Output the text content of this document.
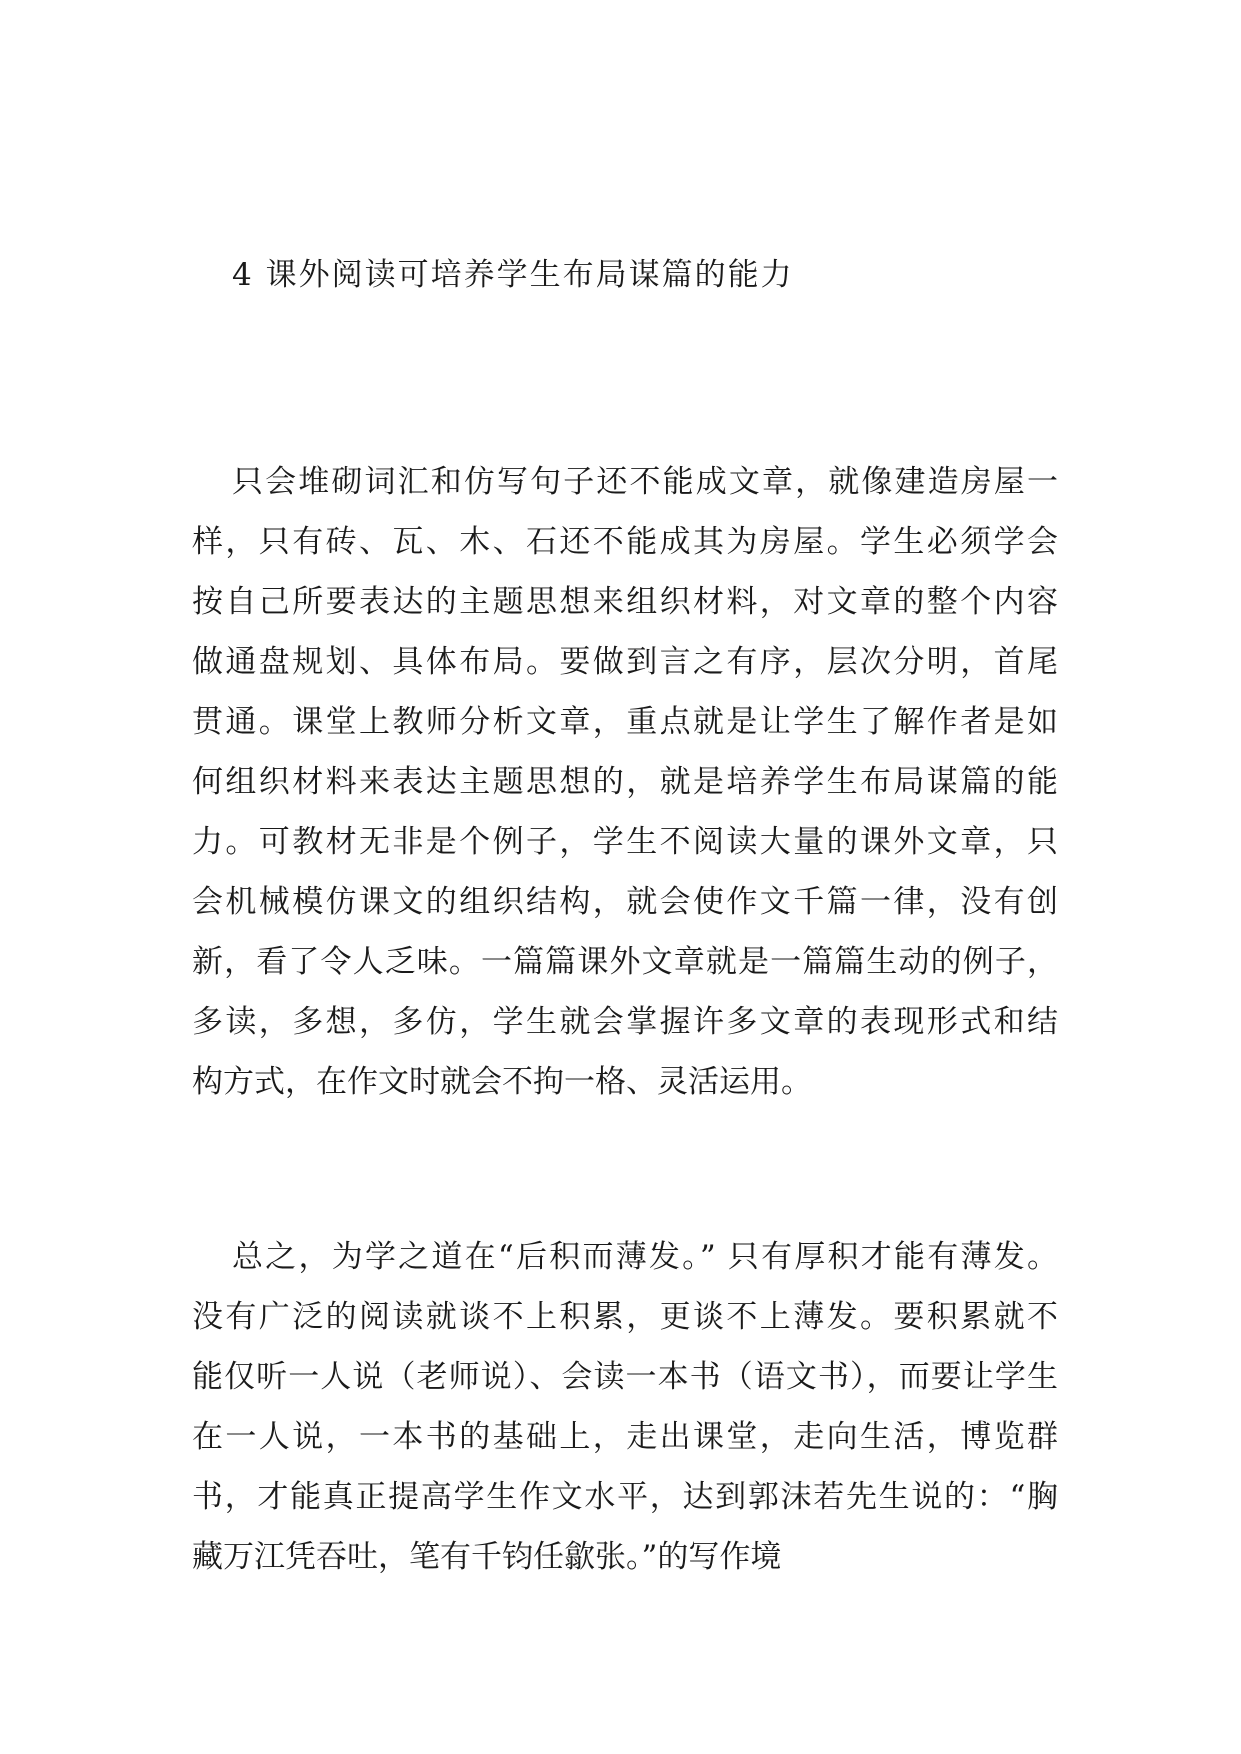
4 课外阅读可培养学生布局谋篇的能力
只会堆砌词汇和仿写句子还不能成文章，就像建造房屋一
样，只有砖、瓦、木、石还不能成其为房屋。学生必须学会
按自己所要表达的主题思想来组织材料，对文章的整个内容
做通盘规划、具体布局。要做到言之有序，层次分明，首尾
贯通。课堂上教师分析文章，重点就是让学生了解作者是如
何组织材料来表达主题思想的，就是培养学生布局谋篇的能
力。可教材无非是个例子，学生不阅读大量的课外文章，只
会机械模仿课文的组织结构，就会使作文千篇一律，没有创
新，看了令人乏味。一篇篇课外文章就是一篇篇生动的例子，
多读，多想，多仿，学生就会掌握许多文章的表现形式和结
构方式，在作文时就会不拘一格、灵活运用。
总之，为学之道在“后积而薄发。” 只有厚积才能有薄发。
没有广泛的阅读就谈不上积累，更谈不上薄发。要积累就不
能仅听一人说（老师说）、会读一本书（语文书），而要让学生
在一人说，一本书的基础上，走出课堂，走向生活，博览群
书，才能真正提高学生作文水平，达到郭沫若先生说的：“胸
藏万江凭吞吐，笔有千钧任歙张。”的写作境
